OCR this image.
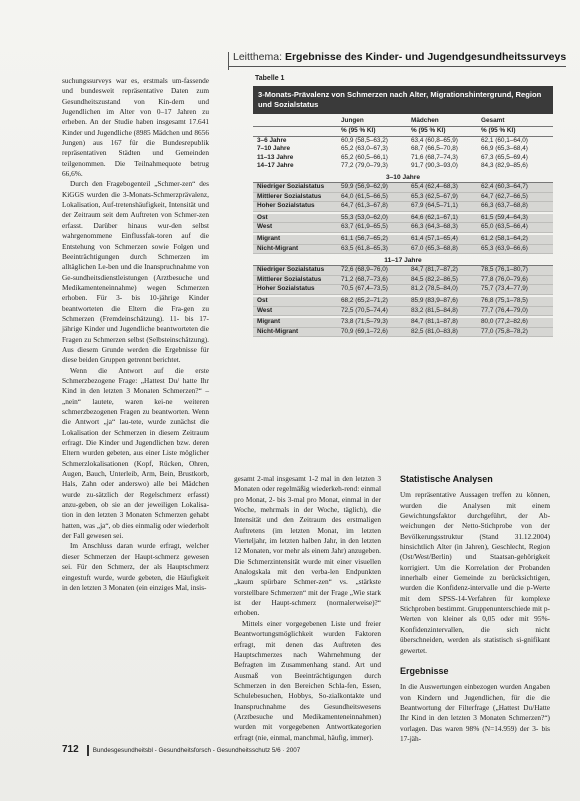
Leitthema: Ergebnisse des Kinder- und Jugendgesundheitssurveys

suchungssurveys war es, erstmals um-fassende und bundesweit repräsentative Daten zum Gesundheitszustand von Kin-dern und Jugendlichen im Alter von 0–17 Jahren zu erheben. An der Studie haben insgesamt 17.641 Kinder und Jugendliche (8985 Mädchen und 8656 Jungen) aus 167 für die Bundesrepublik repräsentativen Städten und Gemeinden teilgenommen. Die Teilnahmequote betrug 66,6%.

Durch den Fragebogenteil „Schmer-zen“ des KiGGS wurden die 3-Monats-Schmerzprävalenz, Lokalisation, Auf-tretenshäufigkeit, Intensität und der Zeitraum seit dem Auftreten von Schmer-zen erfasst. Darüber hinaus wur-den selbst wahrgenommene Einflussfak-toren auf die Entstehung von Schmerzen sowie Folgen und Beeinträchtigungen durch Schmerzen im alltäglichen Le-ben und die Inanspruchnahme von Ge-sundheitsdienstleistungen (Arztbesuche und Medikamenteneinnahme) wegen Schmerzen erhoben. Für 3- bis 10-jährige Kinder beantworteten die Eltern die Fra-gen zu Schmerzen (Fremdeinschätzung). 11- bis 17-jährige Kinder und Jugendliche beantworteten die Fragen zu Schmerzen selbst (Selbsteinschätzung). Aus diesem Grunde werden die Ergebnisse für diese beiden Gruppen getrennt berichtet.

Wenn die Antwort auf die erste Schmerzbezogene Frage: „Hattest Du/ hatte Ihr Kind in den letzten 3 Monaten Schmerzen?“ – „nein“ lautete, waren kei-ne weiteren schmerzbezogenen Fragen zu beantworten. Wenn die Antwort „ja“ lau-tete, wurde zunächst die Lokalisation der Schmerzen in diesem Zeitraum erfragt. Die Kinder und Jugendlichen bzw. deren Eltern wurden gebeten, aus einer Liste möglicher Schmerzlokalisationen (Kopf, Rücken, Ohren, Augen, Bauch, Unterleib, Arm, Bein, Brustkorb, Hals, Zahn oder anderswo) alle bei Mädchen wurde zu-sätzlich der Regelschmerz erfasst) anzu-geben, ob sie an der jeweiligen Lokalisa-tion in den letzten 3 Monaten Schmerzen gehabt hatten, was „ja“, ob dies einmalig oder wiederholt der Fall gewesen sei.

Im Anschluss daran wurde erfragt, welcher dieser Schmerzen der Haupt-schmerz gewesen sei. Für den Schmerz, der als Hauptschmerz eingestuft wurde, wurde gebeten, die Häufigkeit in den letzten 3 Monaten (ein einziges Mal, insis-

Tabelle 1
3-Monats-Prävalenz von Schmerzen nach Alter, Migrationshintergrund, Region und Sozialstatus
Jungen	Mädchen	Gesamt
% (95 % KI)	% (95 % KI)	% (95 % KI)
3–6 Jahre	60,9 (58,5–63,2)	63,4 (60,8–65,9)	62,1 (60,1–64,0)
7–10 Jahre	65,2 (63,0–67,3)	68,7 (66,5–70,8)	66,9 (65,3–68,4)
11–13 Jahre	65,2 (60,5–66,1)	71,6 (68,7–74,3)	67,3 (65,5–69,4)
14–17 Jahre	77,2 (79,0–79,3)	91,7 (90,3–93,0)	84,3 (82,9–85,6)
3–10 Jahre
Niedriger Sozialstatus	59,9 (56,9–62,9)	65,4 (62,4–68,3)	62,4 (60,3–64,7)
Mittlerer Sozialstatus	64,0 (61,5–66,5)	65,3 (62,5–67,9)	64,7 (62,7–66,5)
Hoher Sozialstatus	64,7 (61,3–67,8)	67,9 (64,5–71,1)	66,3 (63,7–68,8)
Ost	55,3 (53,0–62,0)	64,6 (62,1–67,1)	61,5 (59,4–64,3)
West	63,7 (61,9–65,5)	66,3 (64,3–68,3)	65,0 (63,5–66,4)
Migrant	61,1 (56,7–65,2)	61,4 (57,1–65,4)	61,2 (58,1–64,2)
Nicht-Migrant	63,5 (61,8–65,3)	67,0 (65,3–68,8)	65,3 (63,9–66,6)
11–17 Jahre
Niedriger Sozialstatus	72,6 (68,9–76,0)	84,7 (81,7–87,2)	78,5 (76,1–80,7)
Mittlerer Sozialstatus	71,2 (68,7–73,6)	84,5 (82,2–86,5)	77,8 (76,0–79,6)
Hoher Sozialstatus	70,5 (67,4–73,5)	81,2 (78,5–84,0)	75,7 (73,4–77,9)
Ost	68,2 (65,2–71,2)	85,9 (83,9–87,6)	76,8 (75,1–78,5)
West	72,5 (70,5–74,4)	83,2 (81,5–84,8)	77,7 (76,4–79,0)
Migrant	73,8 (71,5–79,3)	84,7 (81,1–87,8)	80,0 (77,2–82,6)
Nicht-Migrant	70,9 (69,1–72,6)	82,5 (81,0–83,8)	77,0 (75,8–78,2)

gesamt 2-mal insgesamt 1-2 mal in den letzten 3 Monaten oder regelmäßig wiederkeh-rend: einmal pro Monat, 2- bis 3-mal pro Monat, einmal in der Woche, mehrmals in der Woche, täglich), die Intensität und den Zeitraum des erstmaligen Auftretens (im letzten Monat, im letzten Vierteljahr, im letzten halben Jahr, in den letzten 12 Monaten, vor mehr als einem Jahr) anzugeben. Die Schmerzintensität wurde mit einer visuellen Analogskala mit den verba-len Endpunkten „kaum spürbare Schmer-zen“ vs. „stärkste vorstellbare Schmerzen“ mit der Frage „Wie stark ist der Haupt-schmerz (normalerweise)?“ erhoben.

Mittels einer vorgegebenen Liste und freier Beantwortungsmöglichkeit wurden Faktoren erfragt, mit denen das Auftreten des Hauptschmerzes nach Wahrnehmung der Befragten im Zusammenhang stand. Art und Ausmaß von Beeinträchtigungen durch Schmerzen in den Bereichen Schla-fen, Essen, Schulebesuchen, Hobbys, So-zialkontakte und Inanspruchnahme des Gesundheitswesens (Arztbesuche und Medikamenteneinnahmen) wurden mit vorgegebenen Antwortkategorien erfragt (nie, einmal, manchmal, häufig, immer).

Statistische Analysen

Um repräsentative Aussagen treffen zu können, wurden die Analysen mit einem Gewichtungsfaktor durchgeführt, der Ab-weichungen der Netto-Stichprobe von der Bevölkerungsstruktur (Stand 31.12.2004) hinsichtlich Alter (in Jahren), Geschlecht, Region (Ost/West/Berlin) und Staatsan-gehörigkeit korrigiert. Um die Korrelation der Probanden innerhalb einer Gemeinde zu berücksichtigen, wurden die Konfidenz-intervalle und die p-Werte mit dem SPSS-14-Verfahren für komplexe Stichproben bestimmt. Gruppenunterschiede mit p-Werten von kleiner als 0,05 oder mit 95%-Konfidenzintervallen, die sich nicht überschneiden, werden als statistisch si-gnifikant gewertet.

Ergebnisse

In die Auswertungen einbezogen wurden Angaben von Kindern und Jugendlichen, für die die Beantwortung der Filterfrage („Hattest Du/Hatte Ihr Kind in den letzten 3 Monaten Schmerzen?“) vorlagen. Das waren 98% (N=14.959) der 3- bis 17-jäh-

712 Bundesgesundheitsbl - Gesundheitsforsch - Gesundheitsschutz 5/6 · 2007
